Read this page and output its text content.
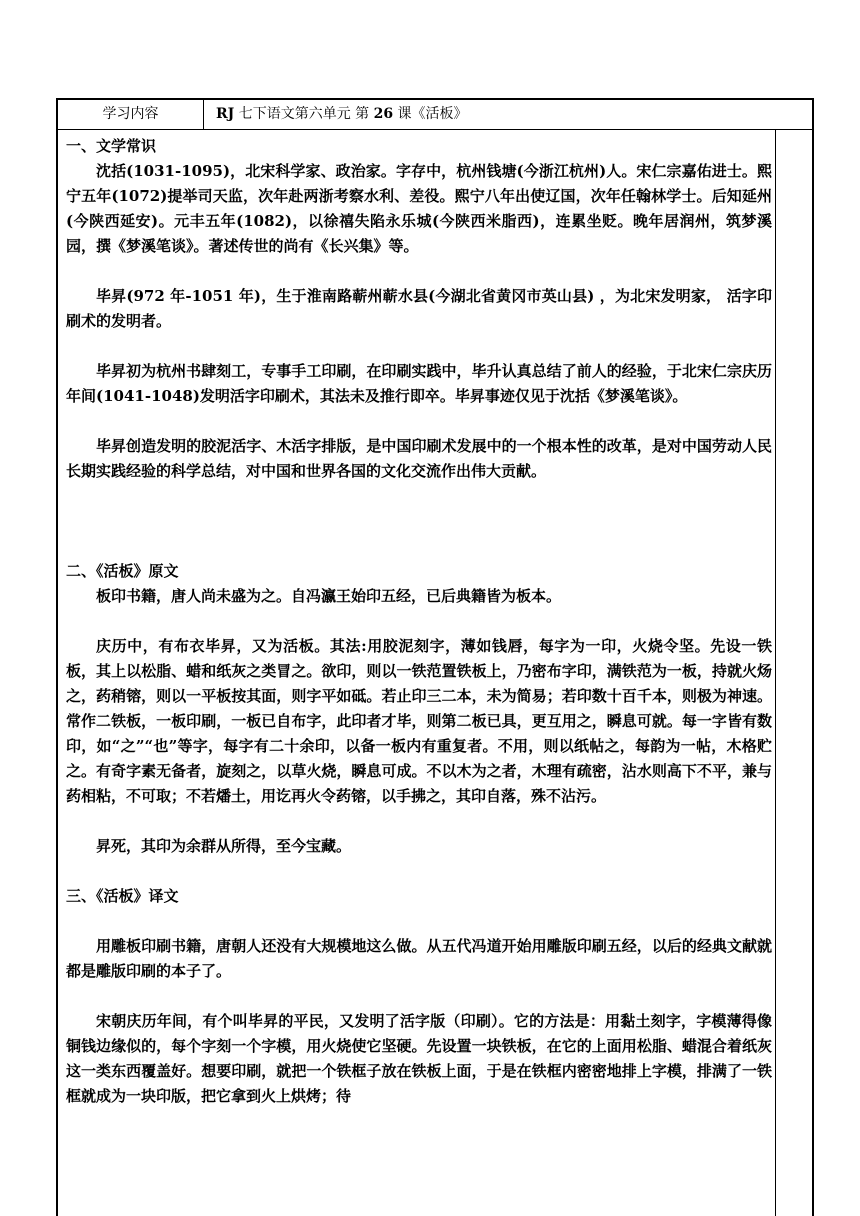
学习内容	RJ 七下语文第六单元 第 26 课《活板》

一、文学常识

沈括(1031-1095)，北宋科学家、政治家。字存中，杭州钱塘(今浙江杭州)人。宋仁宗嘉佑进士。熙宁五年(1072)提举司天监，次年赴两浙考察水利、差役。熙宁八年出使辽国，次年任翰林学士。后知延州(今陕西延安)。元丰五年(1082)，以徐禧失陷永乐城(今陕西米脂西)，连累坐贬。晚年居润州，筑梦溪园，撰《梦溪笔谈》。著述传世的尚有《长兴集》等。

毕昇(972 年-1051 年)，生于淮南路蕲州蕲水县(今湖北省黄冈市英山县) ，为北宋发明家， 活字印刷术的发明者。

毕昇初为杭州书肆刻工，专事手工印刷，在印刷实践中，毕升认真总结了前人的经验，于北宋仁宗庆历年间(1041-1048)发明活字印刷术，其法未及推行即卒。毕昇事迹仅见于沈括《梦溪笔谈》。

毕昇创造发明的胶泥活字、木活字排版，是中国印刷术发展中的一个根本性的改革，是对中国劳动人民长期实践经验的科学总结，对中国和世界各国的文化交流作出伟大贡献。

二、《活板》原文

板印书籍，唐人尚未盛为之。自冯瀛王始印五经，已后典籍皆为板本。

庆历中，有布衣毕昇，又为活板。其法:用胶泥刻字，薄如钱唇，每字为一印，火烧令坚。先设一铁板，其上以松脂、蜡和纸灰之类冒之。欲印，则以一铁范置铁板上，乃密布字印，满铁范为一板，持就火炀之，药稍镕，则以一平板按其面，则字平如砥。若止印三二本，未为简易；若印数十百千本，则极为神速。常作二铁板，一板印刷，一板已自布字，此印者才毕，则第二板已具，更互用之，瞬息可就。每一字皆有数印，如“之”“也”等字，每字有二十余印，以备一板内有重复者。不用，则以纸帖之，每韵为一帖，木格贮之。有奇字素无备者，旋刻之，以草火烧，瞬息可成。不以木为之者，木理有疏密，沾水则高下不平，兼与药相粘，不可取；不若燔土，用讫再火令药镕，以手拂之，其印自落，殊不沾污。

昇死，其印为余群从所得，至今宝藏。

三、《活板》译文

用雕板印刷书籍，唐朝人还没有大规模地这么做。从五代冯道开始用雕版印刷五经，以后的经典文献就都是雕版印刷的本子了。

宋朝庆历年间，有个叫毕昇的平民，又发明了活字版（印刷）。它的方法是：用黏土刻字，字模薄得像铜钱边缘似的，每个字刻一个字模，用火烧使它坚硬。先设置一块铁板，在它的上面用松脂、蜡混合着纸灰这一类东西覆盖好。想要印刷，就把一个铁框子放在铁板上面，于是在铁框内密密地排上字模，排满了一铁框就成为一块印版，把它拿到火上烘烤；待
